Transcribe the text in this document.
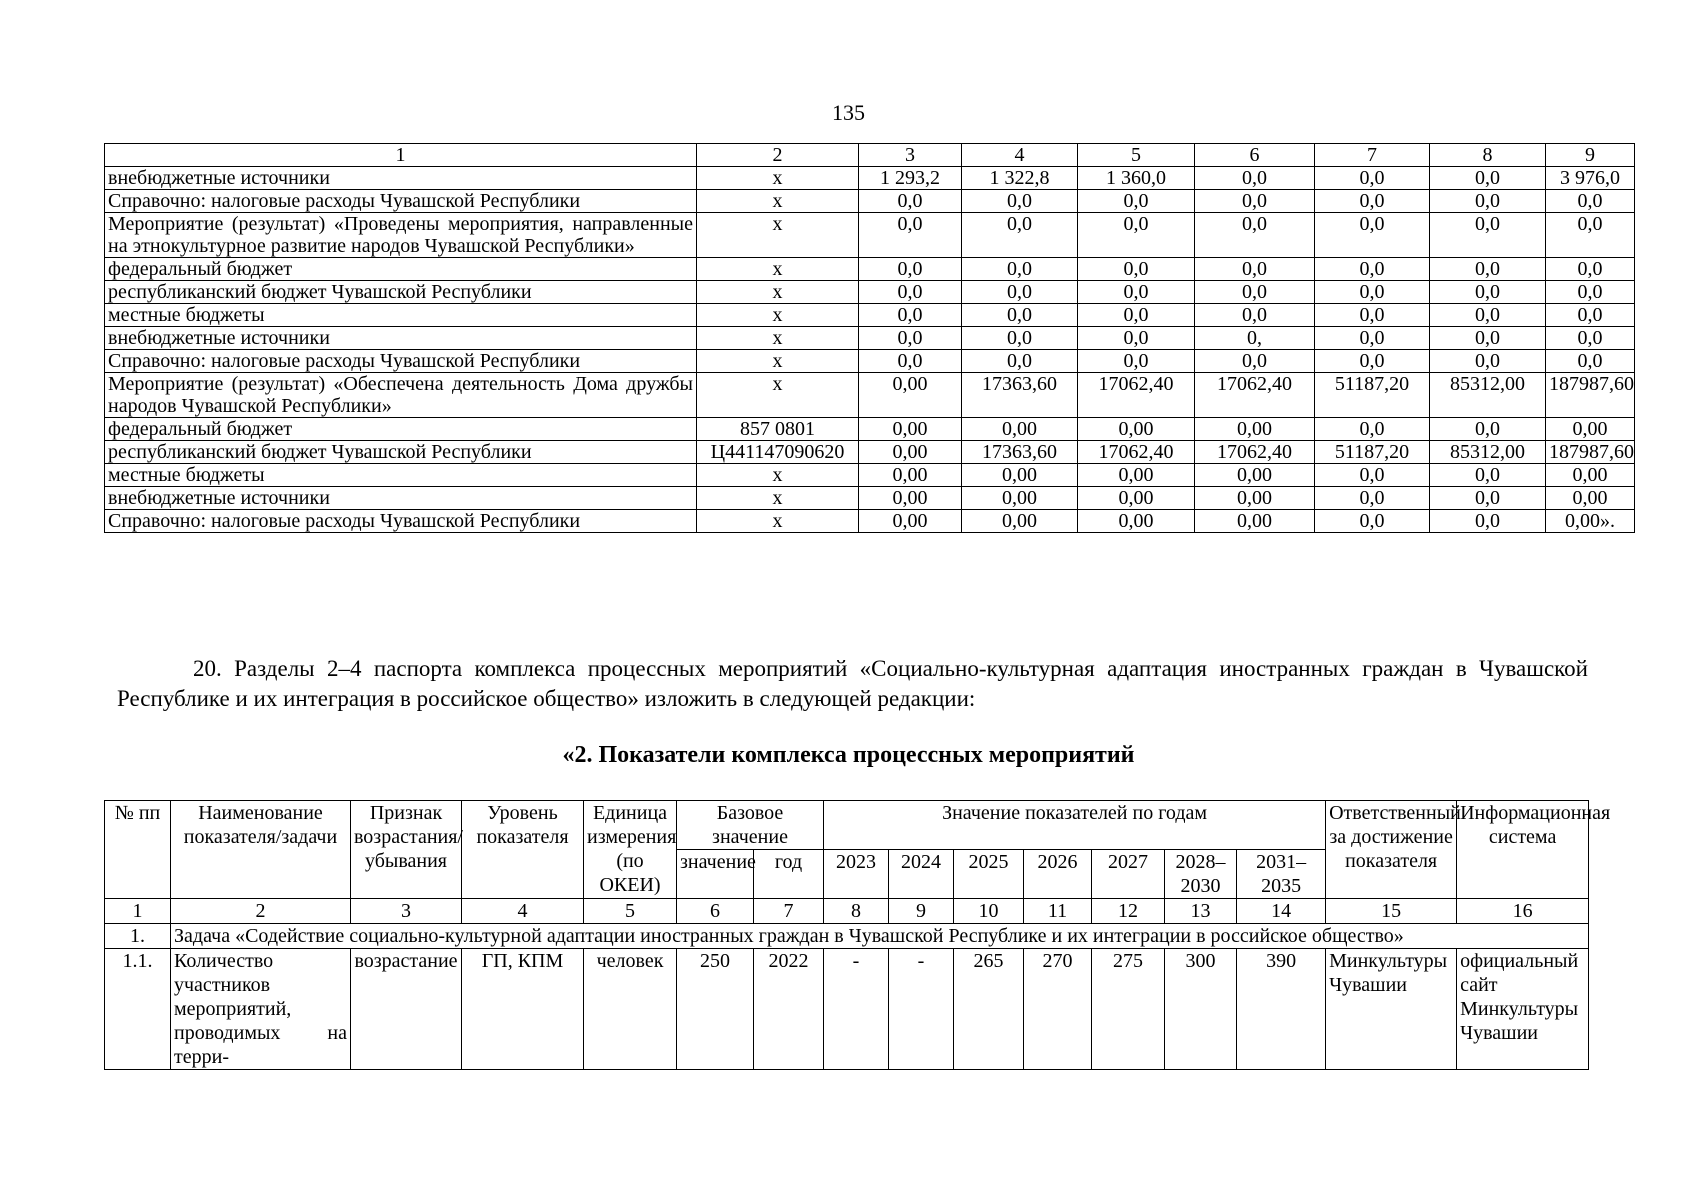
135
1	2	3	4	5	6	7	8	9
внебюджетные источники	х	1 293,2	1 322,8	1 360,0	0,0	0,0	0,0	3 976,0
Справочно: налоговые расходы Чувашской Республики	х	0,0	0,0	0,0	0,0	0,0	0,0	0,0
Мероприятие (результат) «Проведены мероприятия, направленные на этнокультурное развитие народов Чувашской Республики»	х	0,0	0,0	0,0	0,0	0,0	0,0	0,0
федеральный бюджет	х	0,0	0,0	0,0	0,0	0,0	0,0	0,0
республиканский бюджет Чувашской Республики	х	0,0	0,0	0,0	0,0	0,0	0,0	0,0
местные бюджеты	х	0,0	0,0	0,0	0,0	0,0	0,0	0,0
внебюджетные источники	х	0,0	0,0	0,0	0,	0,0	0,0	0,0
Справочно: налоговые расходы Чувашской Республики	х	0,0	0,0	0,0	0,0	0,0	0,0	0,0
Мероприятие (результат) «Обеспечена деятельность Дома дружбы народов Чувашской Республики»	х	0,00	17363,60	17062,40	17062,40	51187,20	85312,00	187987,60
федеральный бюджет	857 0801	0,00	0,00	0,00	0,00	0,0	0,0	0,00
республиканский бюджет Чувашской Республики	Ц441147090620	0,00	17363,60	17062,40	17062,40	51187,20	85312,00	187987,60
местные бюджеты	х	0,00	0,00	0,00	0,00	0,0	0,0	0,00
внебюджетные источники	х	0,00	0,00	0,00	0,00	0,0	0,0	0,00
Справочно: налоговые расходы Чувашской Республики	х	0,00	0,00	0,00	0,00	0,0	0,0	0,00».
20. Разделы 2–4 паспорта комплекса процессных мероприятий «Социально-культурная адаптация иностранных граждан в Чувашской Республике и их интеграция в российское общество» изложить в следующей редакции:
«2. Показатели комплекса процессных мероприятий
№ пп	Наименование показателя/задачи	Признак возрастания/убывания	Уровень показателя	Единица измерения (по ОКЕИ)	Базовое значение		Значение показателей по годам							Ответственный за достижение показателя	Информационная система
					значение	год	2023	2024	2025	2026	2027	2028–2030	2031–2035		
1	2	3	4	5	6	7	8	9	10	11	12	13	14	15	16
1.	Задача «Содействие социально-культурной адаптации иностранных граждан в Чувашской Республике и их интеграции в российское общество»														
1.1.	Количество участников мероприятий, проводимых на терри-	возрастание	ГП, КПМ	человек	250	2022	-	-	265	270	275	300	390	Минкультуры Чувашии	официальный сайт Минкультуры Чувашии
